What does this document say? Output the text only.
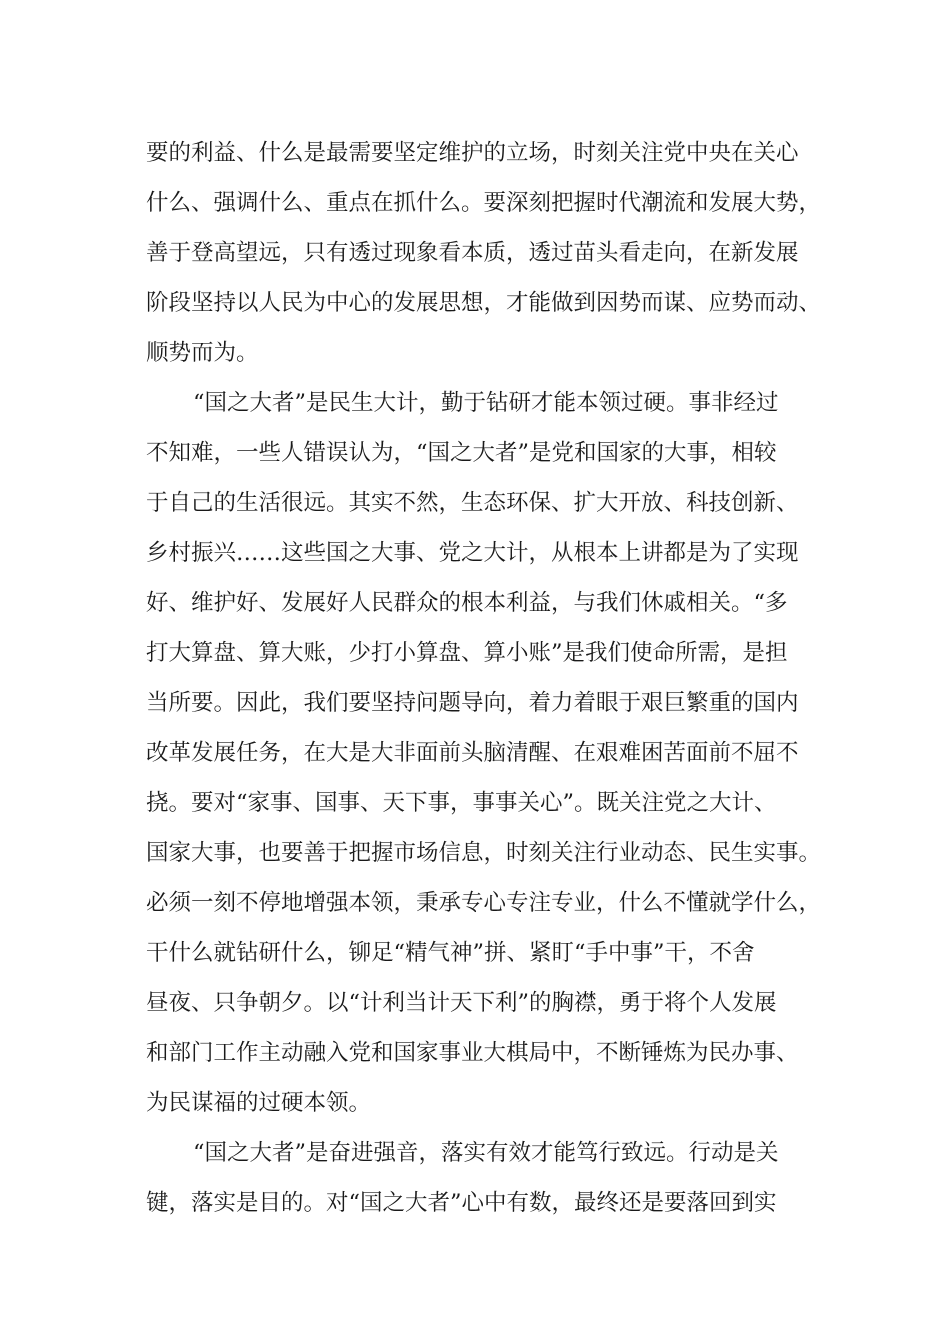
要的利益、什么是最需要坚定维护的立场，时刻关注党中央在关心
什么、强调什么、重点在抓什么。要深刻把握时代潮流和发展大势，
善于登高望远，只有透过现象看本质，透过苗头看走向，在新发展
阶段坚持以人民为中心的发展思想，才能做到因势而谋、应势而动、
顺势而为。
“国之大者”是民生大计，勤于钻研才能本领过硬。事非经过
不知难，一些人错误认为，“国之大者”是党和国家的大事，相较
于自己的生活很远。其实不然，生态环保、扩大开放、科技创新、
乡村振兴……这些国之大事、党之大计，从根本上讲都是为了实现
好、维护好、发展好人民群众的根本利益，与我们休戚相关。“多
打大算盘、算大账，少打小算盘、算小账”是我们使命所需，是担
当所要。因此，我们要坚持问题导向，着力着眼于艰巨繁重的国内
改革发展任务，在大是大非面前头脑清醒、在艰难困苦面前不屈不
挠。要对“家事、国事、天下事，事事关心”。既关注党之大计、
国家大事，也要善于把握市场信息，时刻关注行业动态、民生实事。
必须一刻不停地增强本领，秉承专心专注专业，什么不懂就学什么，
干什么就钻研什么，铆足“精气神”拼、紧盯“手中事”干，不舍
昼夜、只争朝夕。以“计利当计天下利”的胸襟，勇于将个人发展
和部门工作主动融入党和国家事业大棋局中，不断锤炼为民办事、
为民谋福的过硬本领。
“国之大者”是奋进强音，落实有效才能笃行致远。行动是关
键，落实是目的。对“国之大者”心中有数，最终还是要落回到实
